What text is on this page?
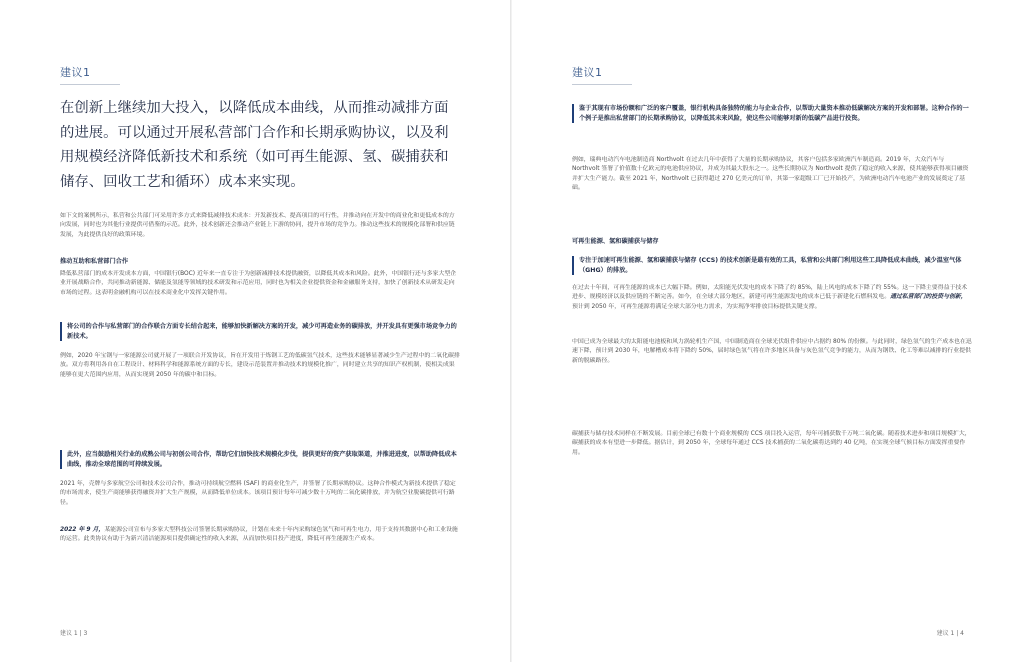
建议1
在创新上继续加大投入，以降低成本曲线，从而推动减排方面的进展。可以通过开展私营部门合作和长期承购协议，以及利用规模经济降低新技术和系统（如可再生能源、氢、碳捕获和储存、回收工艺和循环）成本来实现。
如下文的案例所示，私营和公共部门可采用许多方式来降低减排技术成本：开发新技术、提高项目的可行性，并推动向在开发中的商业化和更低成本的方向发展，同时也为其他行业提供可借鉴的示范。此外，技术创新还会推动产业链上下游的协同，提升市场的竞争力。推动这些技术的规模化部署和供应链发展，为此提供良好的政策环境。
推动互助和私营部门合作
降低私营部门的成本开发成本方面，中国银行(BOC) 近年来一直专注于为创新减排技术提供融资，以降低其成本和风险。此外，中国银行还与多家大型企业开展战略合作，共同推动新能源、储能及氢能等领域的技术研发和示范应用，同时也为相关企业提供资金和金融服务支持，加快了创新技术从研发走向市场的过程。这表明金融机构可以在技术商业化中发挥关键作用。
将公司的合作与私营部门的合作联合方面专长结合起来，能够加快新解决方案的开发，减少可再造业务的碳排放，并开发具有更强市场竞争力的新技术。
例如，2020 年宝钢与一家能源公司就开展了一项联合开发协议，旨在开发用于炼钢工艺的低碳氢气技术，这些技术能够显著减少生产过程中的二氧化碳排放。双方将利用各自在工程设计、材料科学和能源系统方面的专长，建设示范装置并推动技术的规模化推广，同时建立共享的知识产权机制，使相关成果能够在更大范围内应用，从而实现到 2050 年的碳中和目标。
此外，应当鼓励相关行业的成熟公司与初创公司合作，帮助它们加快技术规模化步伐，提供更好的资产获取渠道，并推进进度，以帮助降低成本曲线，推动全球范围的可持续发展。
2021 年，壳牌与多家航空公司和技术公司合作，推动可持续航空燃料 (SAF) 的商业化生产，并签署了长期承购协议。这种合作模式为新技术提供了稳定的市场需求，使生产商能够获得融资并扩大生产规模，从而降低单位成本。该项目预计每年可减少数十万吨的二氧化碳排放，并为航空业脱碳提供可行路径。
2022 年 9 月，某能源公司宣布与多家大型科技公司签署长期承购协议，计划在未来十年内采购绿色氢气和可再生电力，用于支持其数据中心和工业设施的运营。此类协议有助于为新兴清洁能源项目提供确定性的收入来源，从而加快项目投产进度，降低可再生能源生产成本。
建议 1 | 3
建议1
鉴于其现有市场份额和广泛的客户覆盖，银行机构具备独特的能力与企业合作，以帮助大量资本推动低碳解决方案的开发和部署。这种合作的一个例子是推出私营部门的长期承购协议，以降低其未来风险，使这些公司能够对新的低碳产品进行投资。
例如，瑞典电动汽车电池制造商 Northvolt 在过去几年中获得了大量的长期承购协议，其客户包括多家欧洲汽车制造商。2019 年，大众汽车与 Northvolt 签署了价值数十亿欧元的电池供应协议，并成为其最大股东之一。这些长期协议为 Northvolt 提供了稳定的收入来源，使其能够获得项目融资并扩大生产能力。截至 2021 年，Northvolt 已获得超过 270 亿美元的订单，其第一家超级工厂已开始投产，为欧洲电动汽车电池产业的发展奠定了基础。
可再生能源、氢和碳捕获与储存
专注于加速可再生能源、氢和碳捕获与储存 (CCS) 的技术创新是最有效的工具，私营和公共部门利用这些工具降低成本曲线，减少温室气体（GHG）的排放。
在过去十年间，可再生能源的成本已大幅下降。例如，太阳能光伏发电的成本下降了约 85%，陆上风电的成本下降了约 55%。这一下降主要得益于技术进步、规模经济以及供应链的不断完善。如今，在全球大部分地区，新建可再生能源发电的成本已低于新建化石燃料发电。通过私营部门的投资与创新，预计到 2050 年，可再生能源将满足全球大部分电力需求，为实现净零排放目标提供关键支撑。
中国已成为全球最大的太阳能电池板和风力涡轮机生产国，中国制造商在全球光伏组件供应中占据约 80% 的份额。与此同时，绿色氢气的生产成本也在迅速下降，预计到 2030 年，电解槽成本将下降约 50%，届时绿色氢气将在许多地区具备与灰色氢气竞争的能力，从而为钢铁、化工等难以减排的行业提供新的脱碳路径。
碳捕获与储存技术同样在不断发展。目前全球已有数十个商业规模的 CCS 项目投入运营，每年可捕获数千万吨二氧化碳。随着技术进步和项目规模扩大，碳捕获的成本有望进一步降低。据估计，到 2050 年，全球每年通过 CCS 技术捕获的二氧化碳将达到约 40 亿吨，在实现全球气候目标方面发挥重要作用。
建议 1 | 4
